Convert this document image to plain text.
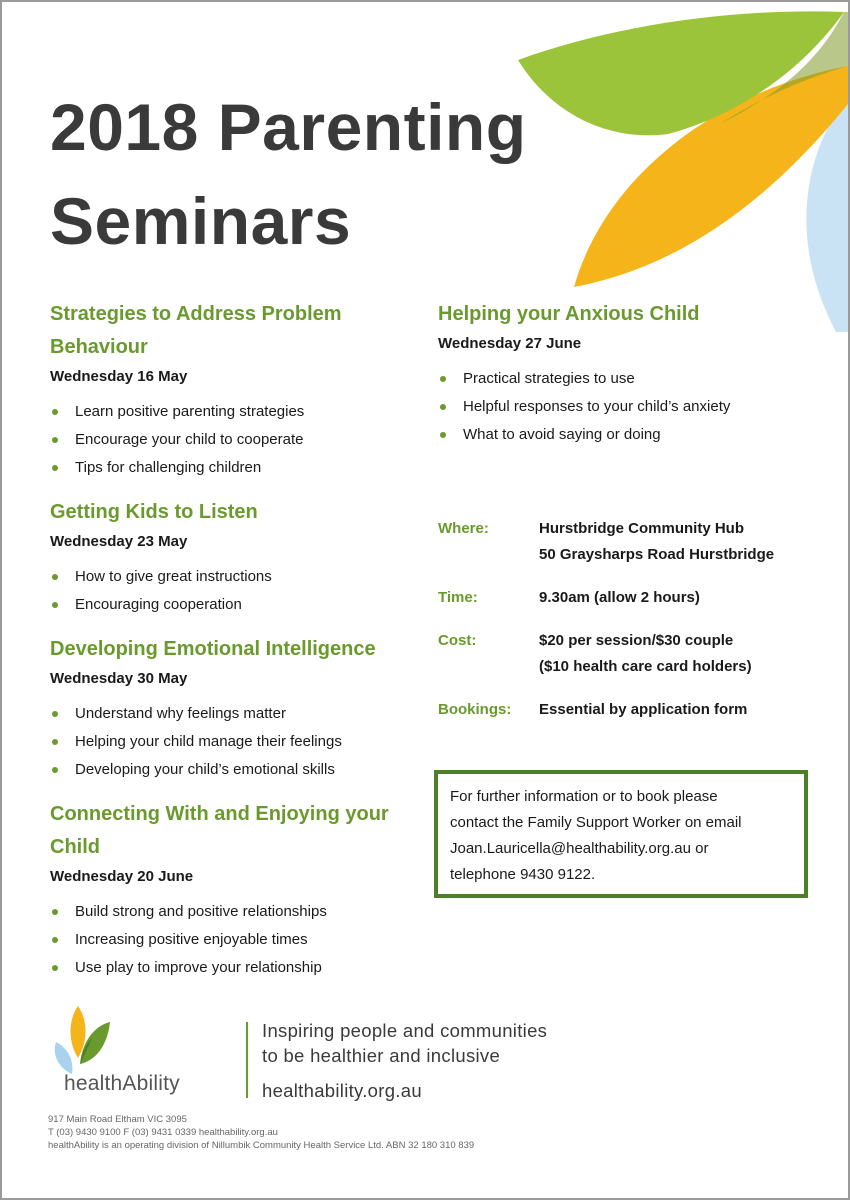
2018 Parenting
Seminars
Strategies to Address Problem Behaviour
Wednesday 16 May
Learn positive parenting strategies
Encourage your child to cooperate
Tips for challenging children
Getting Kids to Listen
Wednesday 23 May
How to give great instructions
Encouraging cooperation
Developing Emotional Intelligence
Wednesday 30 May
Understand why feelings matter
Helping your child manage their feelings
Developing your child’s emotional skills
Connecting With and Enjoying your Child
Wednesday 20 June
Build strong and positive relationships
Increasing positive enjoyable times
Use play to improve your relationship
Helping your Anxious Child
Wednesday 27 June
Practical strategies to use
Helpful responses to your child’s anxiety
What to avoid saying or doing
Where:	Hurstbridge Community Hub
50 Graysharps Road Hurstbridge
Time:	9.30am (allow 2 hours)
Cost:	$20 per session/$30 couple
($10 health care card holders)
Bookings:	Essential by application form
For further information or to book please
contact the Family Support Worker on email
Joan.Lauricella@healthability.org.au or
telephone 9430 9122.
healthAbility
Inspiring people and communities
to be healthier and inclusive
healthability.org.au
917 Main Road Eltham VIC 3095
T (03) 9430 9100 F (03) 9431 0339 healthability.org.au
healthAbility is an operating division of Nillumbik Community Health Service Ltd. ABN 32 180 310 839
